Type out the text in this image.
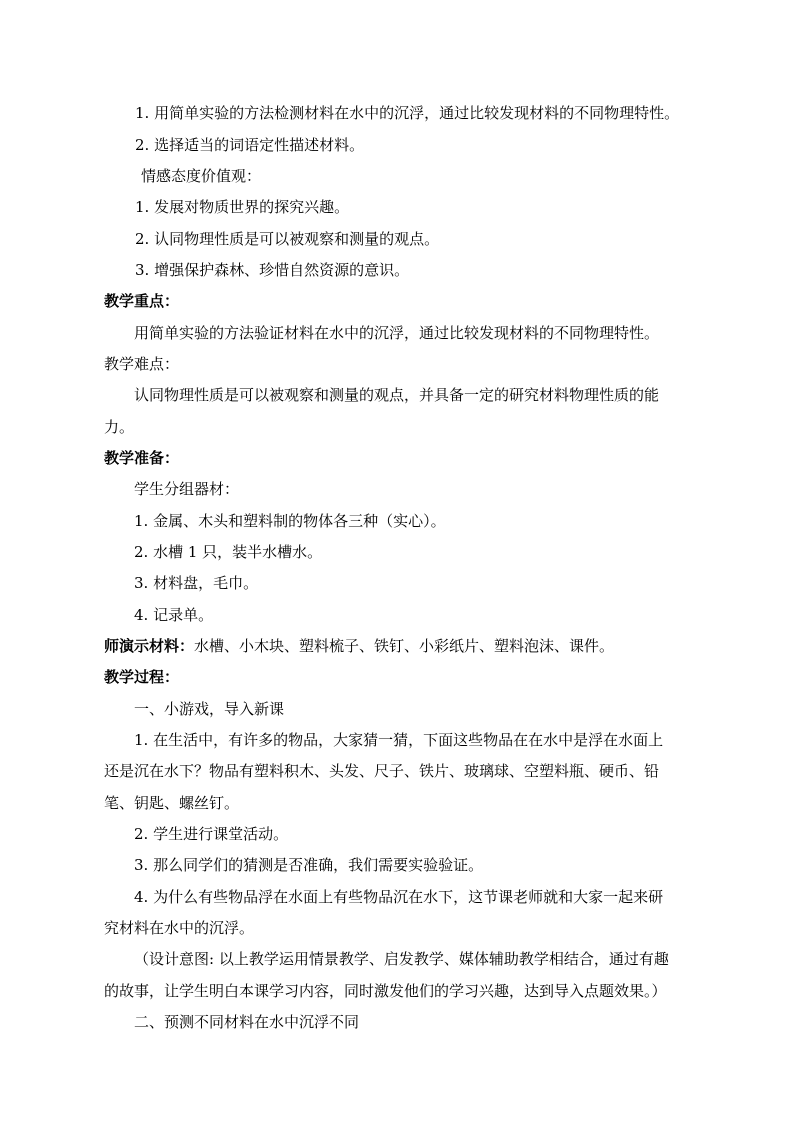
1. 用简单实验的方法检测材料在水中的沉浮，通过比较发现材料的不同物理特性。
2. 选择适当的词语定性描述材料。
情感态度价值观：
1. 发展对物质世界的探究兴趣。
2. 认同物理性质是可以被观察和测量的观点。
3. 增强保护森林、珍惜自然资源的意识。
教学重点：
用简单实验的方法验证材料在水中的沉浮，通过比较发现材料的不同物理特性。
教学难点：
认同物理性质是可以被观察和测量的观点，并具备一定的研究材料物理性质的能
力。
教学准备：
学生分组器材：
1. 金属、木头和塑料制的物体各三种（实心）。
2. 水槽 1 只，装半水槽水。
3. 材料盘，毛巾。
4. 记录单。
师演示材料：水槽、小木块、塑料梳子、铁钉、小彩纸片、塑料泡沫、课件。
教学过程：
一、小游戏，导入新课
1. 在生活中，有许多的物品，大家猜一猜，下面这些物品在在水中是浮在水面上
还是沉在水下？物品有塑料积木、头发、尺子、铁片、玻璃球、空塑料瓶、硬币、铅
笔、钥匙、螺丝钉。
2. 学生进行课堂活动。
3. 那么同学们的猜测是否准确，我们需要实验验证。
4. 为什么有些物品浮在水面上有些物品沉在水下，这节课老师就和大家一起来研
究材料在水中的沉浮。
（设计意图: 以上教学运用情景教学、启发教学、媒体辅助教学相结合，通过有趣
的故事，让学生明白本课学习内容，同时激发他们的学习兴趣，达到导入点题效果。）
二、预测不同材料在水中沉浮不同
